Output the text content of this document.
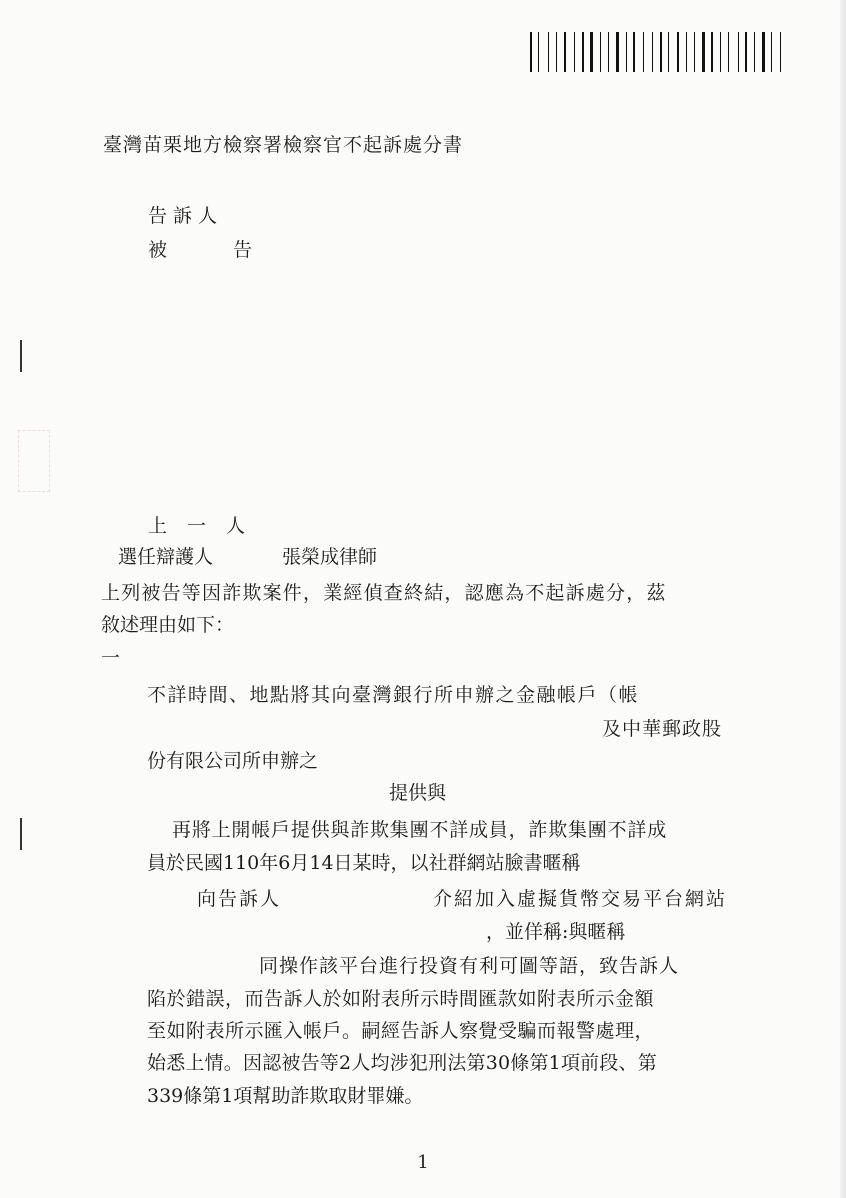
臺灣苗栗地方檢察署檢察官不起訴處分書
告訴人
被告
上一人
選任辯護人	張榮成律師
上列被告等因詐欺案件，業經偵查終結，認應為不起訴處分，茲
敘述理由如下：
一
不詳時間、地點將其向臺灣銀行所申辦之金融帳戶（帳
及中華郵政股
份有限公司所申辦之
提供與
再將上開帳戶提供與詐欺集團不詳成員，詐欺集團不詳成
員於民國110年6月14日某時，以社群網站臉書暱稱
向告訴人	介紹加入虛擬貨幣交易平台網站
，並佯稱:與暱稱
同操作該平台進行投資有利可圖等語，致告訴人
陷於錯誤，而告訴人於如附表所示時間匯款如附表所示金額
至如附表所示匯入帳戶。嗣經告訴人察覺受騙而報警處理，
始悉上情。因認被告等2人均涉犯刑法第30條第1項前段、第
339條第1項幫助詐欺取財罪嫌。
1
